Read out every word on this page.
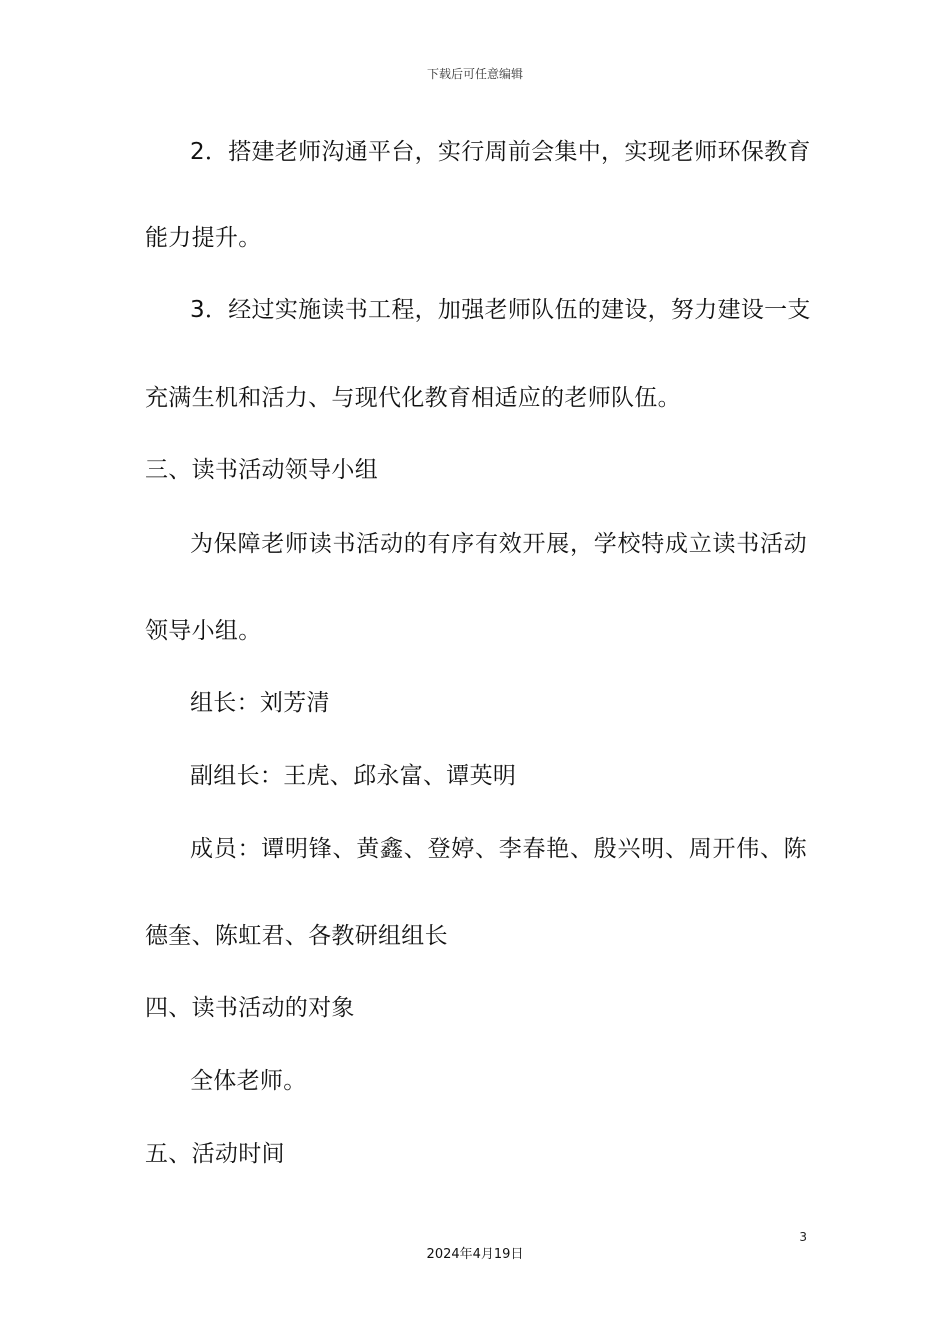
下载后可任意编辑
2．搭建老师沟通平台，实行周前会集中，实现老师环保教育
能力提升。
3．经过实施读书工程，加强老师队伍的建设，努力建设一支
充满生机和活力、与现代化教育相适应的老师队伍。
三、读书活动领导小组
为保障老师读书活动的有序有效开展，学校特成立读书活动
领导小组。
组长：刘芳清
副组长：王虎、邱永富、谭英明
成员：谭明锋、黄鑫、登婷、李春艳、殷兴明、周开伟、陈
德奎、陈虹君、各教研组组长
四、读书活动的对象
全体老师。
五、活动时间
3
2024年4月19日
